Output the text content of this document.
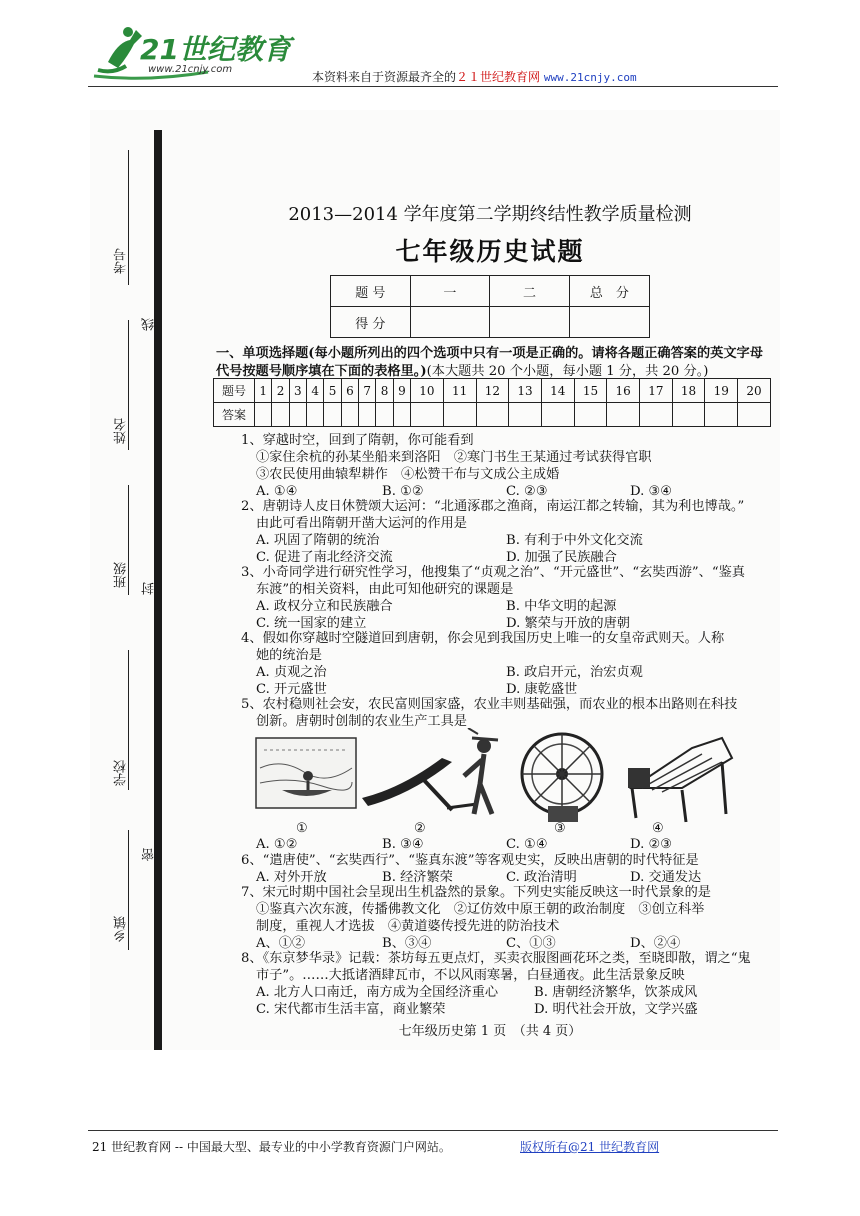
21世纪教育
www.21cnjy.com
本资料来自于资源最齐全的２１世纪教育网 www.21cnjy.com
考号
线
姓名
班级
封
学校
密
乡镇
2013—2014 学年度第二学期终结性教学质量检测
七年级历史试题
题 号	一	二	总　分
得 分			
一、单项选择题(每小题所列出的四个选项中只有一项是正确的。请将各题正确答案的英文字母代号按题号顺序填在下面的表格里。)(本大题共 20 个小题，每小题 1 分，共 20 分。)
题号	1	2	3	4	5	6	7	8	9	10	11	12	13	14	15	16	17	18	19	20
答案																				
1、穿越时空，回到了隋朝，你可能看到
①家住余杭的孙某坐船来到洛阳　②寒门书生王某通过考试获得官职
③农民使用曲辕犁耕作　④松赞干布与文成公主成婚
A. ①④	B. ①②	C. ②③	D. ③④
2、唐朝诗人皮日休赞颂大运河：“北通涿郡之渔商，南运江都之转输，其为利也博哉。”
由此可看出隋朝开凿大运河的作用是
A. 巩固了隋朝的统治	B. 有利于中外文化交流
C. 促进了南北经济交流	D. 加强了民族融合
3、小奇同学进行研究性学习，他搜集了“贞观之治”、“开元盛世”、“玄奘西游”、“鉴真
东渡”的相关资料，由此可知他研究的课题是
A. 政权分立和民族融合	B. 中华文明的起源
C. 统一国家的建立	D. 繁荣与开放的唐朝
4、假如你穿越时空隧道回到唐朝，你会见到我国历史上唯一的女皇帝武则天。人称
她的统治是
A. 贞观之治	B. 政启开元，治宏贞观
C. 开元盛世	D. 康乾盛世
5、农村稳则社会安，农民富则国家盛，农业丰则基础强，而农业的根本出路则在科技
创新。唐朝时创制的农业生产工具是
①	②	③	④
A. ①②	B. ③④	C. ①④	D. ②③
6、“遣唐使”、“玄奘西行”、“鉴真东渡”等客观史实，反映出唐朝的时代特征是
A. 对外开放	B. 经济繁荣	C. 政治清明	D. 交通发达
7、宋元时期中国社会呈现出生机盎然的景象。下列史实能反映这一时代景象的是
①鉴真六次东渡，传播佛教文化　②辽仿效中原王朝的政治制度　③创立科举
制度，重视人才选拔　④黄道婆传授先进的防治技术
A、①②	B、③④	C、①③	D、②④
8、《东京梦华录》记载：茶坊每五更点灯，买卖衣服图画花环之类，至晓即散，谓之“鬼
市子”。……大抵诸酒肆瓦市，不以风雨寒暑，白昼通夜。此生活景象反映
A. 北方人口南迁，南方成为全国经济重心	B. 唐朝经济繁华，饮茶成风
C. 宋代都市生活丰富，商业繁荣	D. 明代社会开放，文学兴盛
七年级历史第 1 页　（共 4 页）
21 世纪教育网 -- 中国最大型、最专业的中小学教育资源门户网站。	版权所有@21 世纪教育网
